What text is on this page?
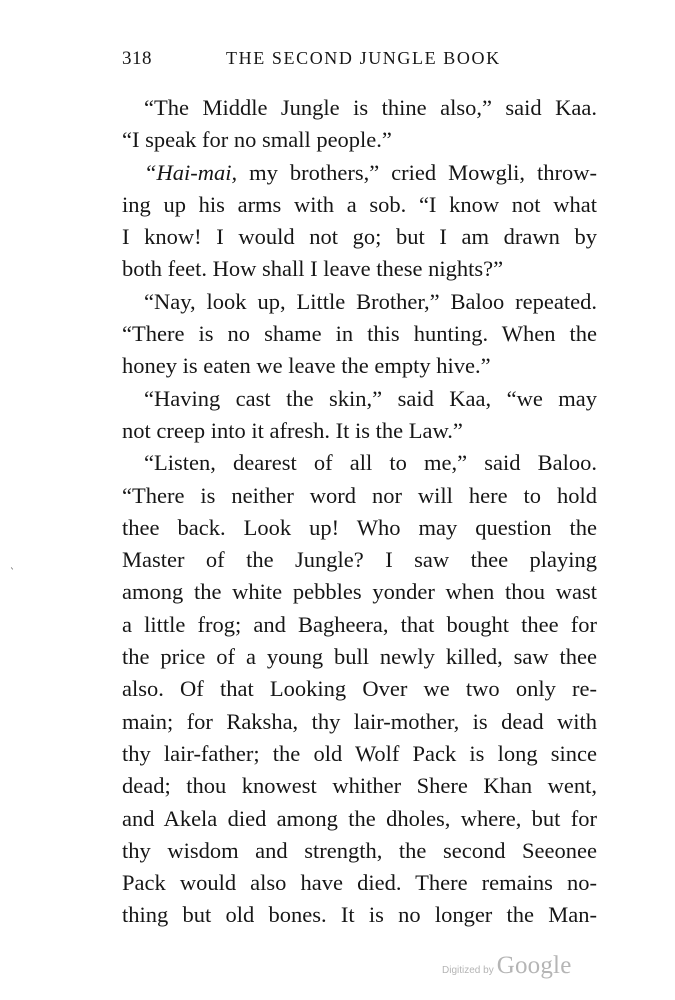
318	THE SECOND JUNGLE BOOK
“The Middle Jungle is thine also,” said Kaa.
“I speak for no small people.”
“Hai-mai, my brothers,” cried Mowgli, throw-
ing up his arms with a sob. “I know not what
I know! I would not go; but I am drawn by
both feet. How shall I leave these nights?”
“Nay, look up, Little Brother,” Baloo repeated.
“There is no shame in this hunting. When the
honey is eaten we leave the empty hive.”
“Having cast the skin,” said Kaa, “we may
not creep into it afresh. It is the Law.”
“Listen, dearest of all to me,” said Baloo.
“There is neither word nor will here to hold
thee back. Look up! Who may question the
Master of the Jungle? I saw thee playing
among the white pebbles yonder when thou wast
a little frog; and Bagheera, that bought thee for
the price of a young bull newly killed, saw thee
also. Of that Looking Over we two only re-
main; for Raksha, thy lair-mother, is dead with
thy lair-father; the old Wolf Pack is long since
dead; thou knowest whither Shere Khan went,
and Akela died among the dholes, where, but for
thy wisdom and strength, the second Seeonee
Pack would also have died. There remains no-
thing but old bones. It is no longer the Man-
`
Digitized by Google
